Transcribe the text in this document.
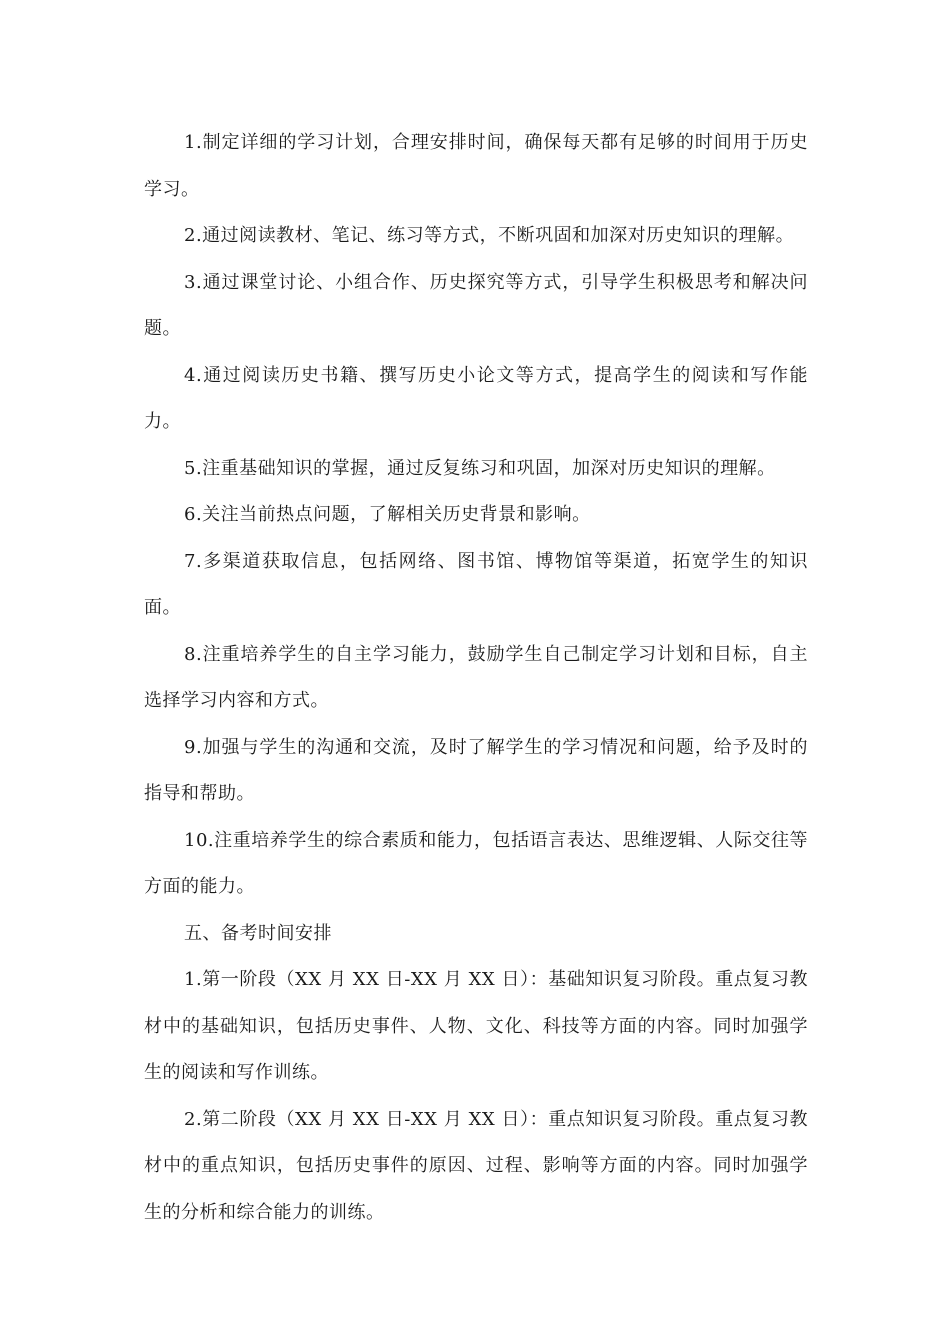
1.制定详细的学习计划，合理安排时间，确保每天都有足够的时间用于历史学习。

2.通过阅读教材、笔记、练习等方式，不断巩固和加深对历史知识的理解。

3.通过课堂讨论、小组合作、历史探究等方式，引导学生积极思考和解决问题。

4.通过阅读历史书籍、撰写历史小论文等方式，提高学生的阅读和写作能力。

5.注重基础知识的掌握，通过反复练习和巩固，加深对历史知识的理解。

6.关注当前热点问题，了解相关历史背景和影响。

7.多渠道获取信息，包括网络、图书馆、博物馆等渠道，拓宽学生的知识面。

8.注重培养学生的自主学习能力，鼓励学生自己制定学习计划和目标，自主选择学习内容和方式。

9.加强与学生的沟通和交流，及时了解学生的学习情况和问题，给予及时的指导和帮助。

10.注重培养学生的综合素质和能力，包括语言表达、思维逻辑、人际交往等方面的能力。

五、备考时间安排

1.第一阶段（XX 月 XX 日-XX 月 XX 日）：基础知识复习阶段。重点复习教材中的基础知识，包括历史事件、人物、文化、科技等方面的内容。同时加强学生的阅读和写作训练。

2.第二阶段（XX 月 XX 日-XX 月 XX 日）：重点知识复习阶段。重点复习教材中的重点知识，包括历史事件的原因、过程、影响等方面的内容。同时加强学生的分析和综合能力的训练。
